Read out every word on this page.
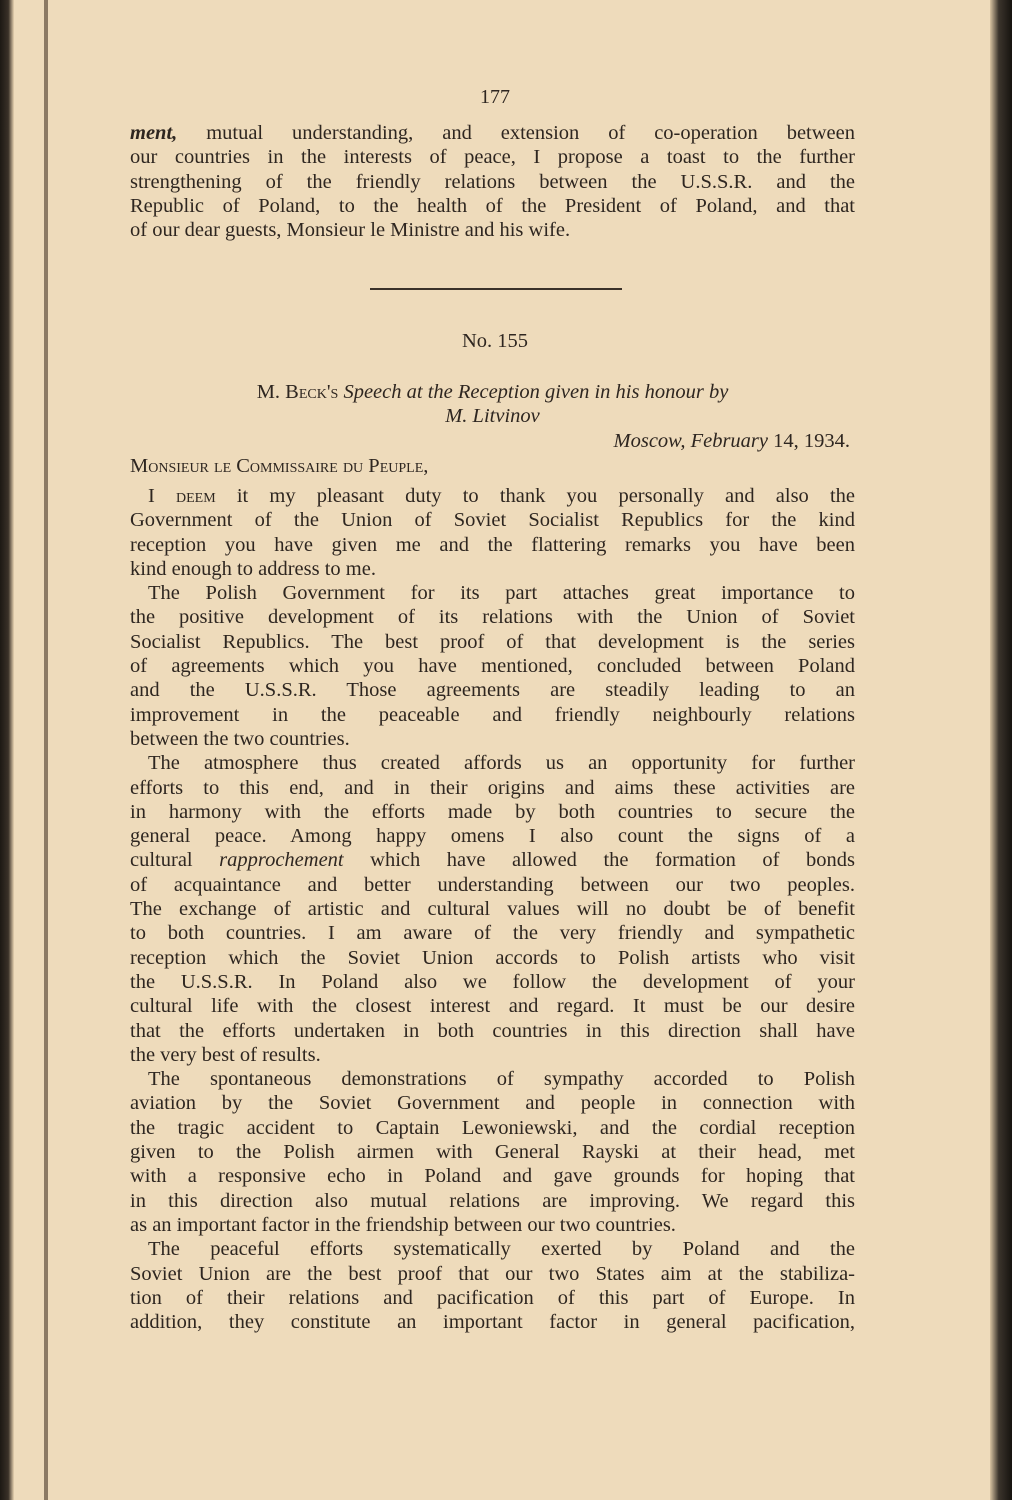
177
ment, mutual understanding, and extension of co-operation between
our countries in the interests of peace, I propose a toast to the further
strengthening of the friendly relations between the U.S.S.R. and the
Republic of Poland, to the health of the President of Poland, and that
of our dear guests, Monsieur le Ministre and his wife.
No. 155
M. Beck's Speech at the Reception given in his honour by
M. Litvinov
Moscow, February 14, 1934.
Monsieur le Commissaire du Peuple,
I deem it my pleasant duty to thank you personally and also the
Government of the Union of Soviet Socialist Republics for the kind
reception you have given me and the flattering remarks you have been
kind enough to address to me.
The Polish Government for its part attaches great importance to
the positive development of its relations with the Union of Soviet
Socialist Republics. The best proof of that development is the series
of agreements which you have mentioned, concluded between Poland
and the U.S.S.R. Those agreements are steadily leading to an
improvement in the peaceable and friendly neighbourly relations
between the two countries.
The atmosphere thus created affords us an opportunity for further
efforts to this end, and in their origins and aims these activities are
in harmony with the efforts made by both countries to secure the
general peace. Among happy omens I also count the signs of a
cultural rapprochement which have allowed the formation of bonds
of acquaintance and better understanding between our two peoples.
The exchange of artistic and cultural values will no doubt be of benefit
to both countries. I am aware of the very friendly and sympathetic
reception which the Soviet Union accords to Polish artists who visit
the U.S.S.R. In Poland also we follow the development of your
cultural life with the closest interest and regard. It must be our desire
that the efforts undertaken in both countries in this direction shall have
the very best of results.
The spontaneous demonstrations of sympathy accorded to Polish
aviation by the Soviet Government and people in connection with
the tragic accident to Captain Lewoniewski, and the cordial reception
given to the Polish airmen with General Rayski at their head, met
with a responsive echo in Poland and gave grounds for hoping that
in this direction also mutual relations are improving. We regard this
as an important factor in the friendship between our two countries.
The peaceful efforts systematically exerted by Poland and the
Soviet Union are the best proof that our two States aim at the stabiliza-
tion of their relations and pacification of this part of Europe. In
addition, they constitute an important factor in general pacification,
